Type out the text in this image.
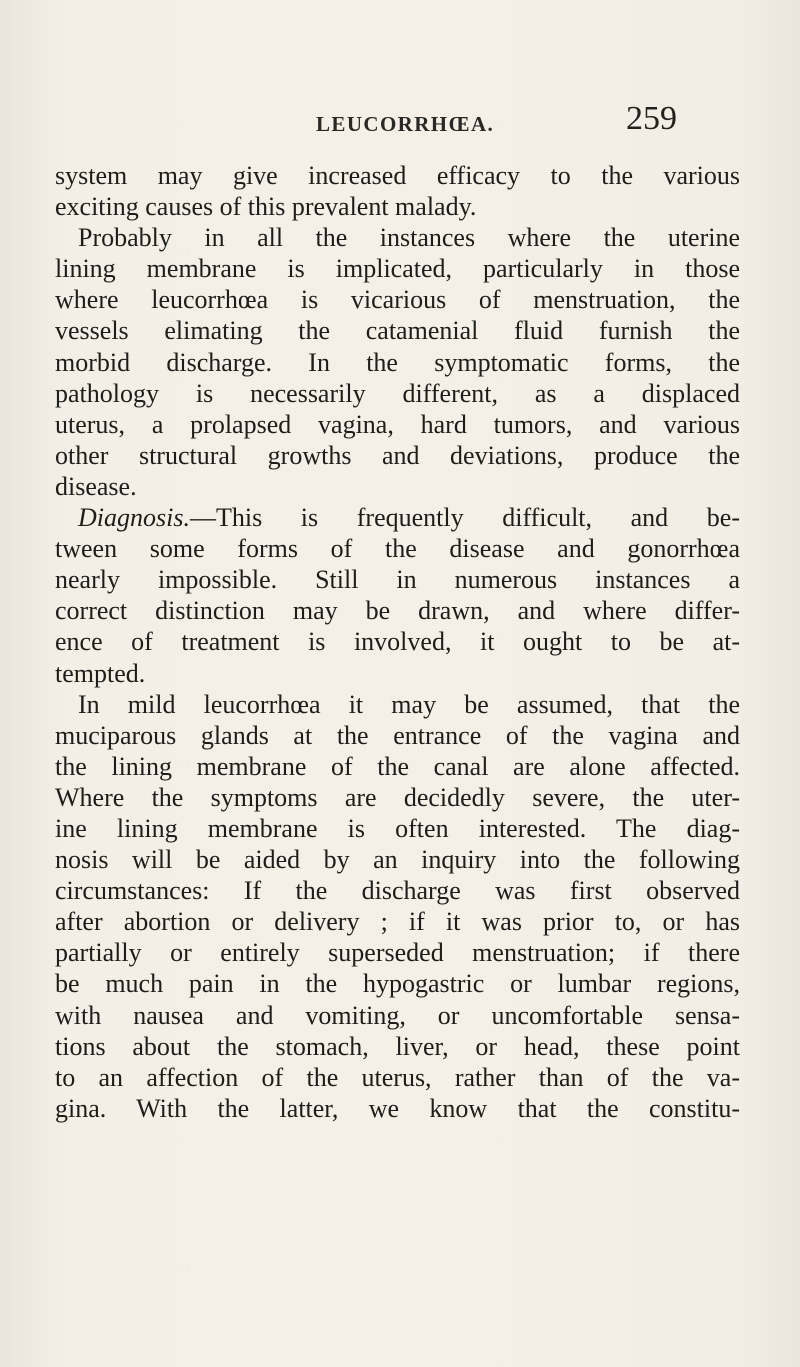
LEUCORRHŒA.	259
system may give increased efficacy to the various
exciting causes of this prevalent malady.
Probably in all the instances where the uterine
lining membrane is implicated, particularly in those
where leucorrhœa is vicarious of menstruation, the
vessels elimating the catamenial fluid furnish the
morbid discharge. In the symptomatic forms, the
pathology is necessarily different, as a displaced
uterus, a prolapsed vagina, hard tumors, and various
other structural growths and deviations, produce the
disease.
Diagnosis.—This is frequently difficult, and be-
tween some forms of the disease and gonorrhœa
nearly impossible. Still in numerous instances a
correct distinction may be drawn, and where differ-
ence of treatment is involved, it ought to be at-
tempted.
In mild leucorrhœa it may be assumed, that the
muciparous glands at the entrance of the vagina and
the lining membrane of the canal are alone affected.
Where the symptoms are decidedly severe, the uter-
ine lining membrane is often interested. The diag-
nosis will be aided by an inquiry into the following
circumstances: If the discharge was first observed
after abortion or delivery ; if it was prior to, or has
partially or entirely superseded menstruation; if there
be much pain in the hypogastric or lumbar regions,
with nausea and vomiting, or uncomfortable sensa-
tions about the stomach, liver, or head, these point
to an affection of the uterus, rather than of the va-
gina. With the latter, we know that the constitu-
